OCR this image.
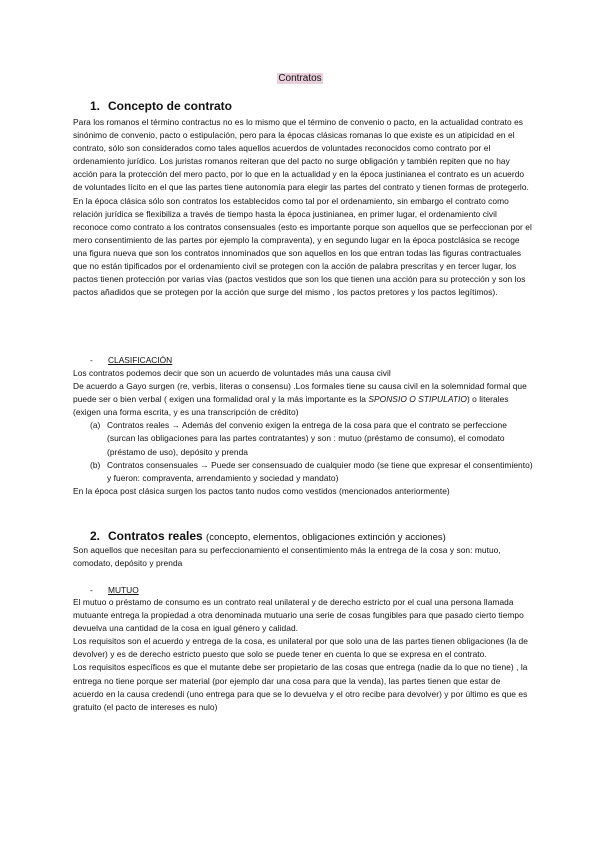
Contratos
1. Concepto de contrato

Para los romanos el término contractus no es lo mismo que el término de convenio o pacto, en la actualidad contrato es sinónimo de convenio, pacto o estipulación, pero para la épocas clásicas romanas lo que existe es un atipicidad en el contrato, sólo son considerados como tales aquellos acuerdos de voluntades reconocidos como contrato por el ordenamiento jurídico. Los juristas romanos reiteran que del pacto no surge obligación y también repiten que no hay acción para la protección del mero pacto, por lo que en la actualidad y en la época justinianea el contrato es un acuerdo de voluntades lícito en el que las partes tiene autonomía para elegir las partes del contrato y tienen formas de protegerlo. En la época clásica sólo son contratos los establecidos como tal por el ordenamiento, sin embargo el contrato como relación jurídica se flexibiliza a través de tiempo hasta la época justinianea, en primer lugar, el ordenamiento civil reconoce como contrato a los contratos consensuales (esto es importante porque son aquellos que se perfeccionan por el mero consentimiento de las partes por ejemplo la compraventa), y en segundo lugar en la época postclásica se recoge una figura nueva que son los contratos innominados que son aquellos en los que entran todas las figuras contractuales que no están tipificados por el ordenamiento civil se protegen con la acción de palabra prescritas y en tercer lugar, los pactos tienen protección por varias vías (pactos vestidos que son los que tienen una acción para su protección y son los pactos añadidos que se protegen por la acción que surge del mismo , los pactos pretores y los pactos legítimos).

- CLASIFICACIÓN

Los contratos podemos decir que son un acuerdo de voluntades más una causa civil

De acuerdo a Gayo surgen (re, verbis, literas o consensu) .Los formales tiene su causa civil en la solemnidad formal que puede ser o bien verbal ( exigen una formalidad oral y la más importante es la SPONSIO O STIPULATIO) o literales (exigen una forma escrita, y es una transcripción de crédito)

(a) Contratos reales → Además del convenio exigen la entrega de la cosa para que el contrato se perfeccione (surcan las obligaciones para las partes contratantes) y son : mutuo (préstamo de consumo), el comodato (préstamo de uso), depósito y prenda
(b) Contratos consensuales → Puede ser consensuado de cualquier modo (se tiene que expresar el consentimiento) y fueron: compraventa, arrendamiento y sociedad y mandato)

En la época post clásica surgen los pactos tanto nudos como vestidos (mencionados anteriormente)

2. Contratos reales (concepto, elementos, obligaciones extinción y acciones)

Son aquellos que necesitan para su perfeccionamiento el consentimiento más la entrega de la cosa y son: mutuo, comodato, depósito y prenda

- MUTUO

El mutuo o préstamo de consumo es un contrato real unilateral y de derecho estricto por el cual una persona llamada mutuante entrega la propiedad a otra denominada mutuario una serie de cosas fungibles para que pasado cierto tiempo devuelva una cantidad de la cosa en igual género y calidad.

Los requisitos son el acuerdo y entrega de la cosa, es unilateral por que solo una de las partes tienen obligaciones (la de devolver) y es de derecho estricto puesto que solo se puede tener en cuenta lo que se expresa en el contrato.

Los requisitos específicos es que el mutante debe ser propietario de las cosas que entrega (nadie da lo que no tiene) , la entrega no tiene porque ser material (por ejemplo dar una cosa para que la venda), las partes tienen que estar de acuerdo en la causa credendi (uno entrega para que se lo devuelva y el otro recibe para devolver) y por último es que es gratuito (el pacto de intereses es nulo)
